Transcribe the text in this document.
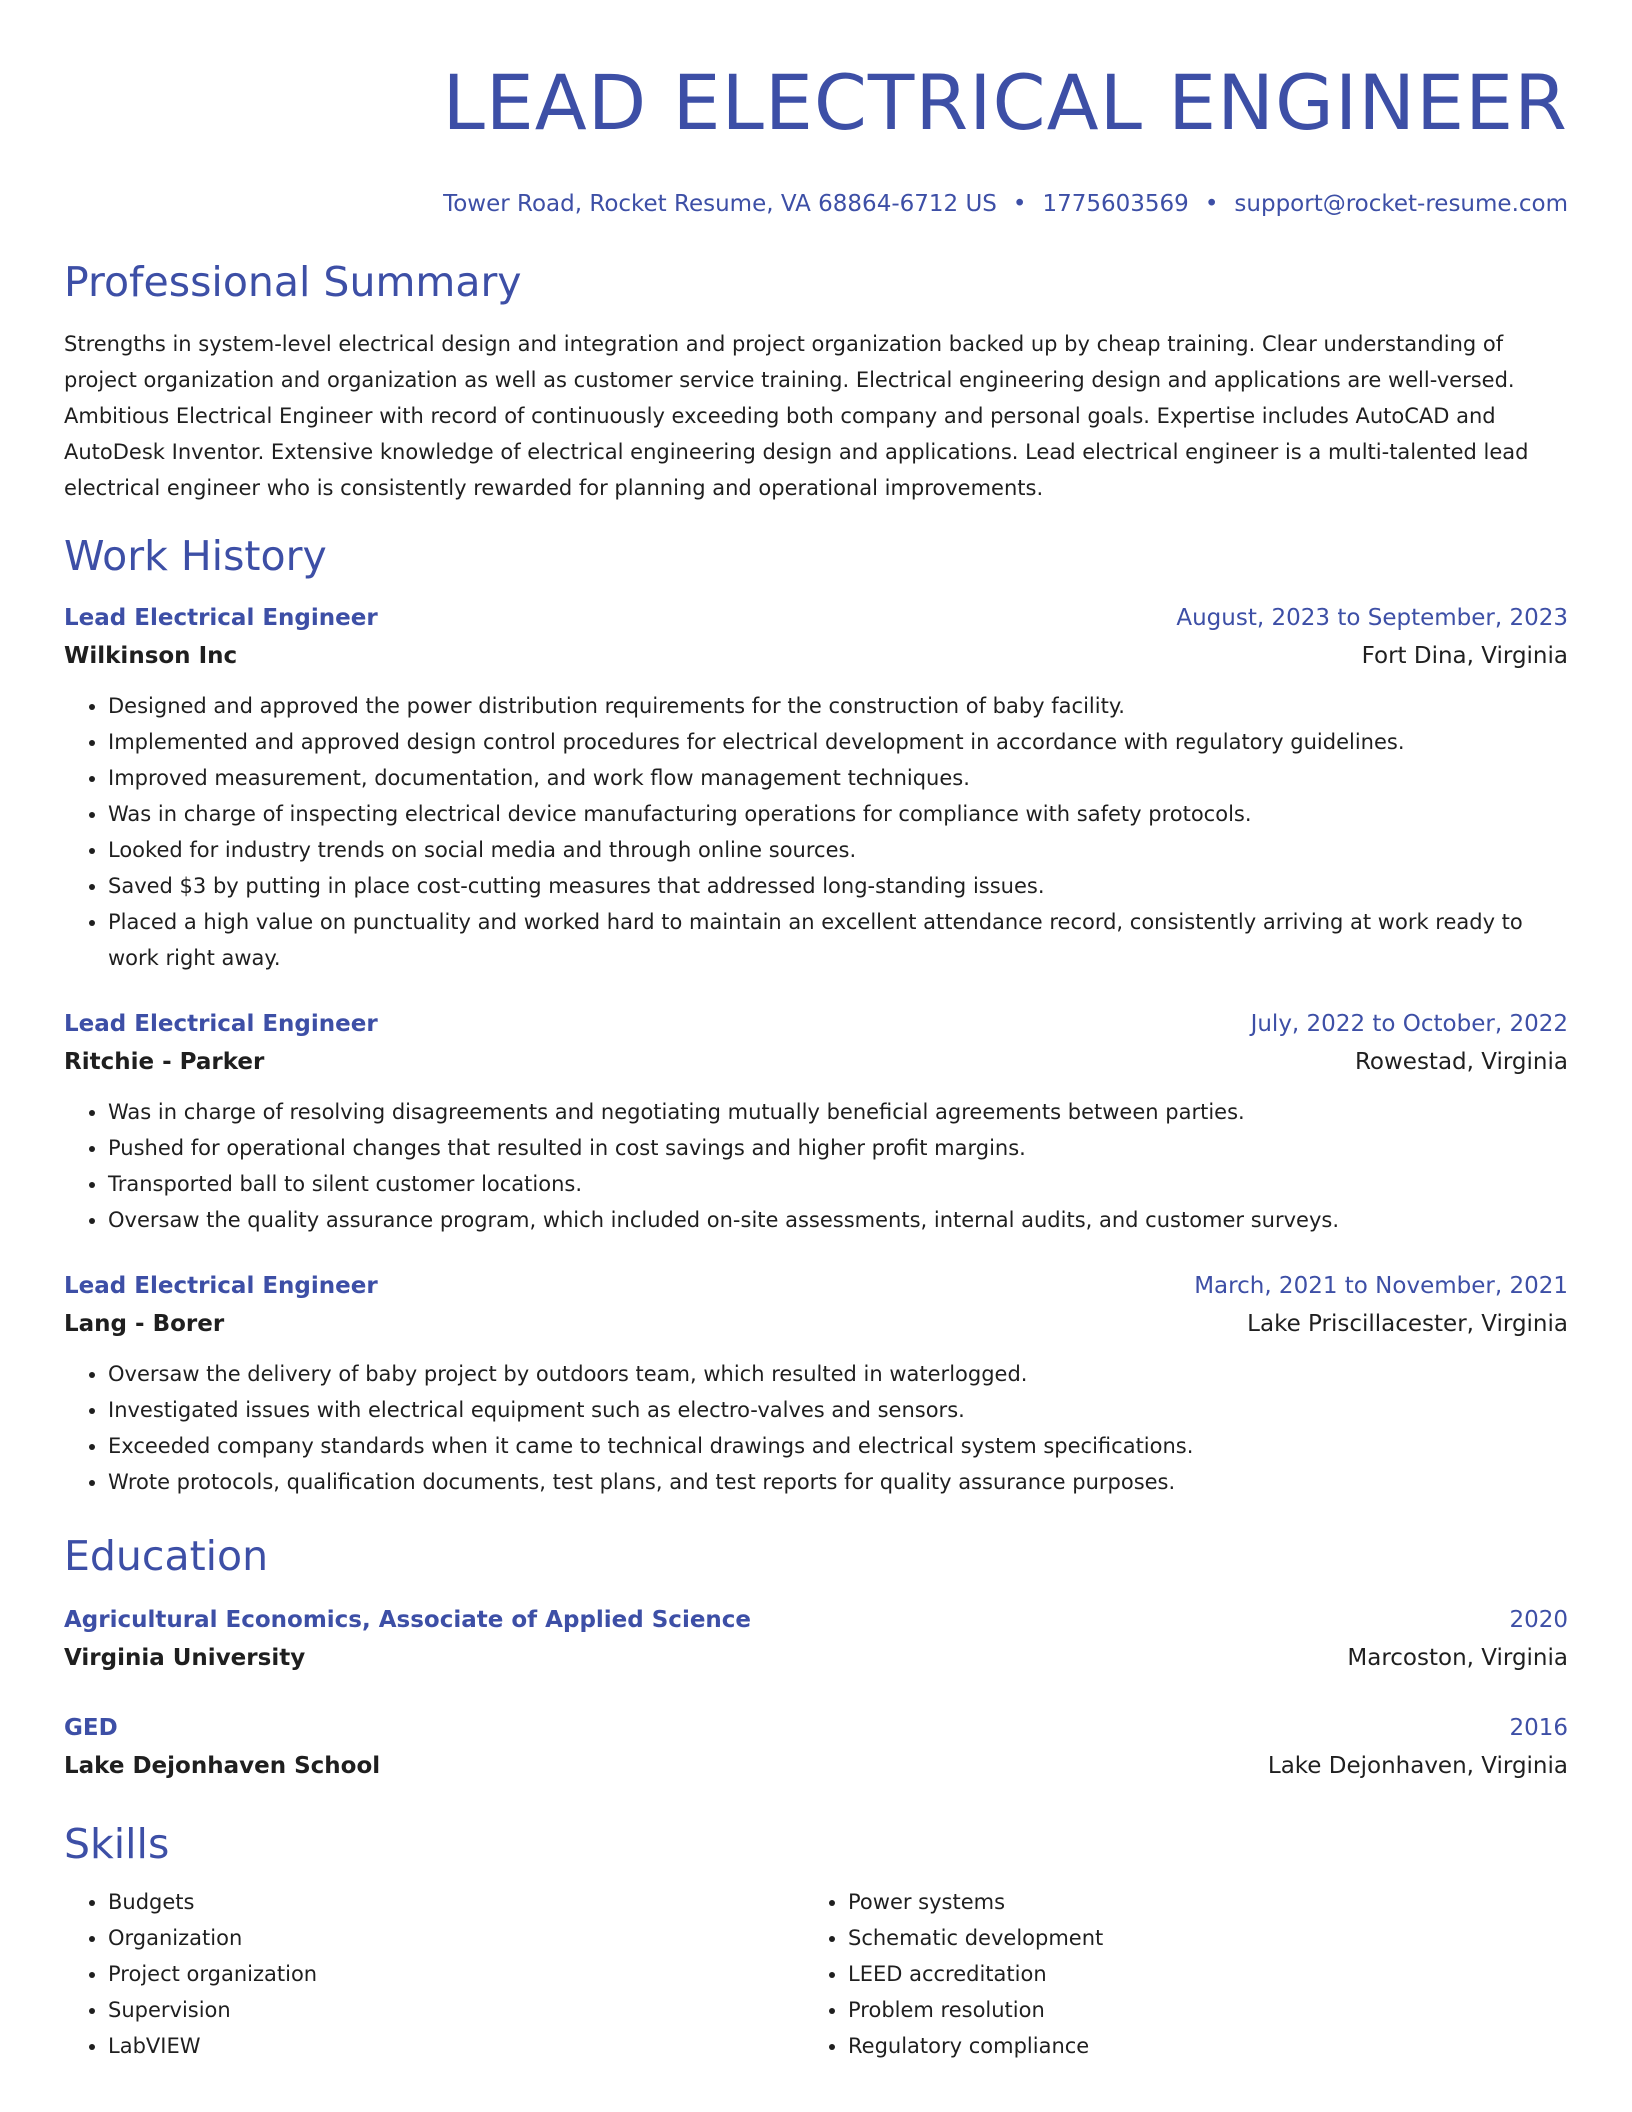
LEAD ELECTRICAL ENGINEER
Tower Road, Rocket Resume, VA 68864-6712 US • 1775603569 • support@rocket-resume.com
Professional Summary
Strengths in system-level electrical design and integration and project organization backed up by cheap training. Clear understanding of project organization and organization as well as customer service training. Electrical engineering design and applications are well-versed. Ambitious Electrical Engineer with record of continuously exceeding both company and personal goals. Expertise includes AutoCAD and AutoDesk Inventor. Extensive knowledge of electrical engineering design and applications. Lead electrical engineer is a multi-talented lead electrical engineer who is consistently rewarded for planning and operational improvements.
Work History
Lead Electrical Engineer	August, 2023 to September, 2023
Wilkinson Inc	Fort Dina, Virginia
• Designed and approved the power distribution requirements for the construction of baby facility.
• Implemented and approved design control procedures for electrical development in accordance with regulatory guidelines.
• Improved measurement, documentation, and work flow management techniques.
• Was in charge of inspecting electrical device manufacturing operations for compliance with safety protocols.
• Looked for industry trends on social media and through online sources.
• Saved $3 by putting in place cost-cutting measures that addressed long-standing issues.
• Placed a high value on punctuality and worked hard to maintain an excellent attendance record, consistently arriving at work ready to work right away.
Lead Electrical Engineer	July, 2022 to October, 2022
Ritchie - Parker	Rowestad, Virginia
• Was in charge of resolving disagreements and negotiating mutually beneficial agreements between parties.
• Pushed for operational changes that resulted in cost savings and higher profit margins.
• Transported ball to silent customer locations.
• Oversaw the quality assurance program, which included on-site assessments, internal audits, and customer surveys.
Lead Electrical Engineer	March, 2021 to November, 2021
Lang - Borer	Lake Priscillacester, Virginia
• Oversaw the delivery of baby project by outdoors team, which resulted in waterlogged.
• Investigated issues with electrical equipment such as electro-valves and sensors.
• Exceeded company standards when it came to technical drawings and electrical system specifications.
• Wrote protocols, qualification documents, test plans, and test reports for quality assurance purposes.
Education
Agricultural Economics, Associate of Applied Science	2020
Virginia University	Marcoston, Virginia
GED	2016
Lake Dejonhaven School	Lake Dejonhaven, Virginia
Skills
• Budgets
• Organization
• Project organization
• Supervision
• LabVIEW
• Power systems
• Schematic development
• LEED accreditation
• Problem resolution
• Regulatory compliance
